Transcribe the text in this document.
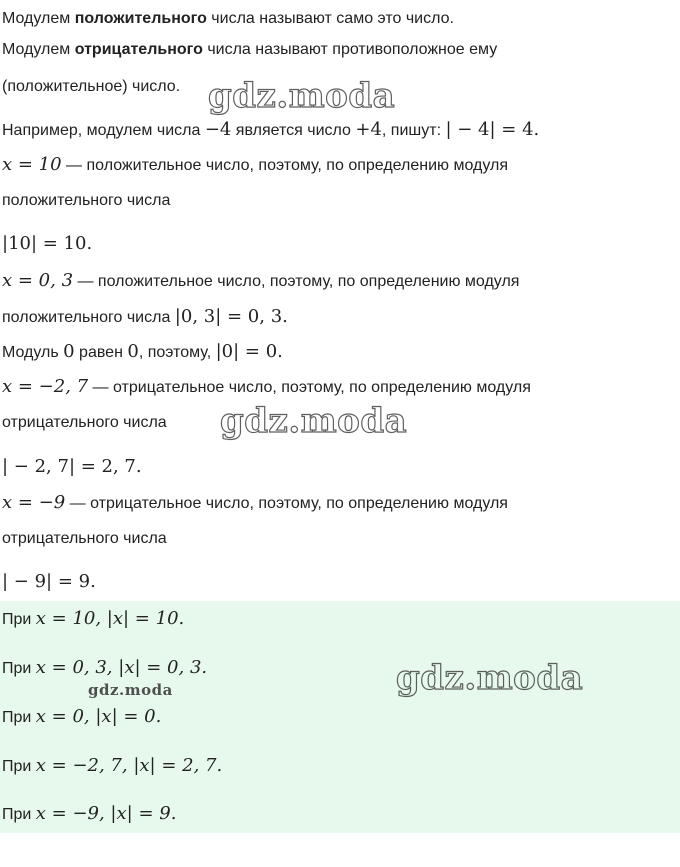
Модулем положительного числа называют само это число.
Модулем отрицательного числа называют противоположное ему
(положительное) число.
Например, модулем числа −4 является число +4, пишут: | − 4| = 4.
x = 10 — положительное число, поэтому, по определению модуля
положительного числа
|10| = 10.
x = 0, 3 — положительное число, поэтому, по определению модуля
положительного числа |0, 3| = 0, 3.
Модуль 0 равен 0, поэтому, |0| = 0.
x = −2, 7 — отрицательное число, поэтому, по определению модуля
отрицательного числа
| − 2, 7| = 2, 7.
x = −9 — отрицательное число, поэтому, по определению модуля
отрицательного числа
| − 9| = 9.
При x = 10, |x| = 10.
При x = 0, 3, |x| = 0, 3.
При x = 0, |x| = 0.
При x = −2, 7, |x| = 2, 7.
При x = −9, |x| = 9.
gdz.moda
gdz.moda
gdz.moda
gdz.moda
